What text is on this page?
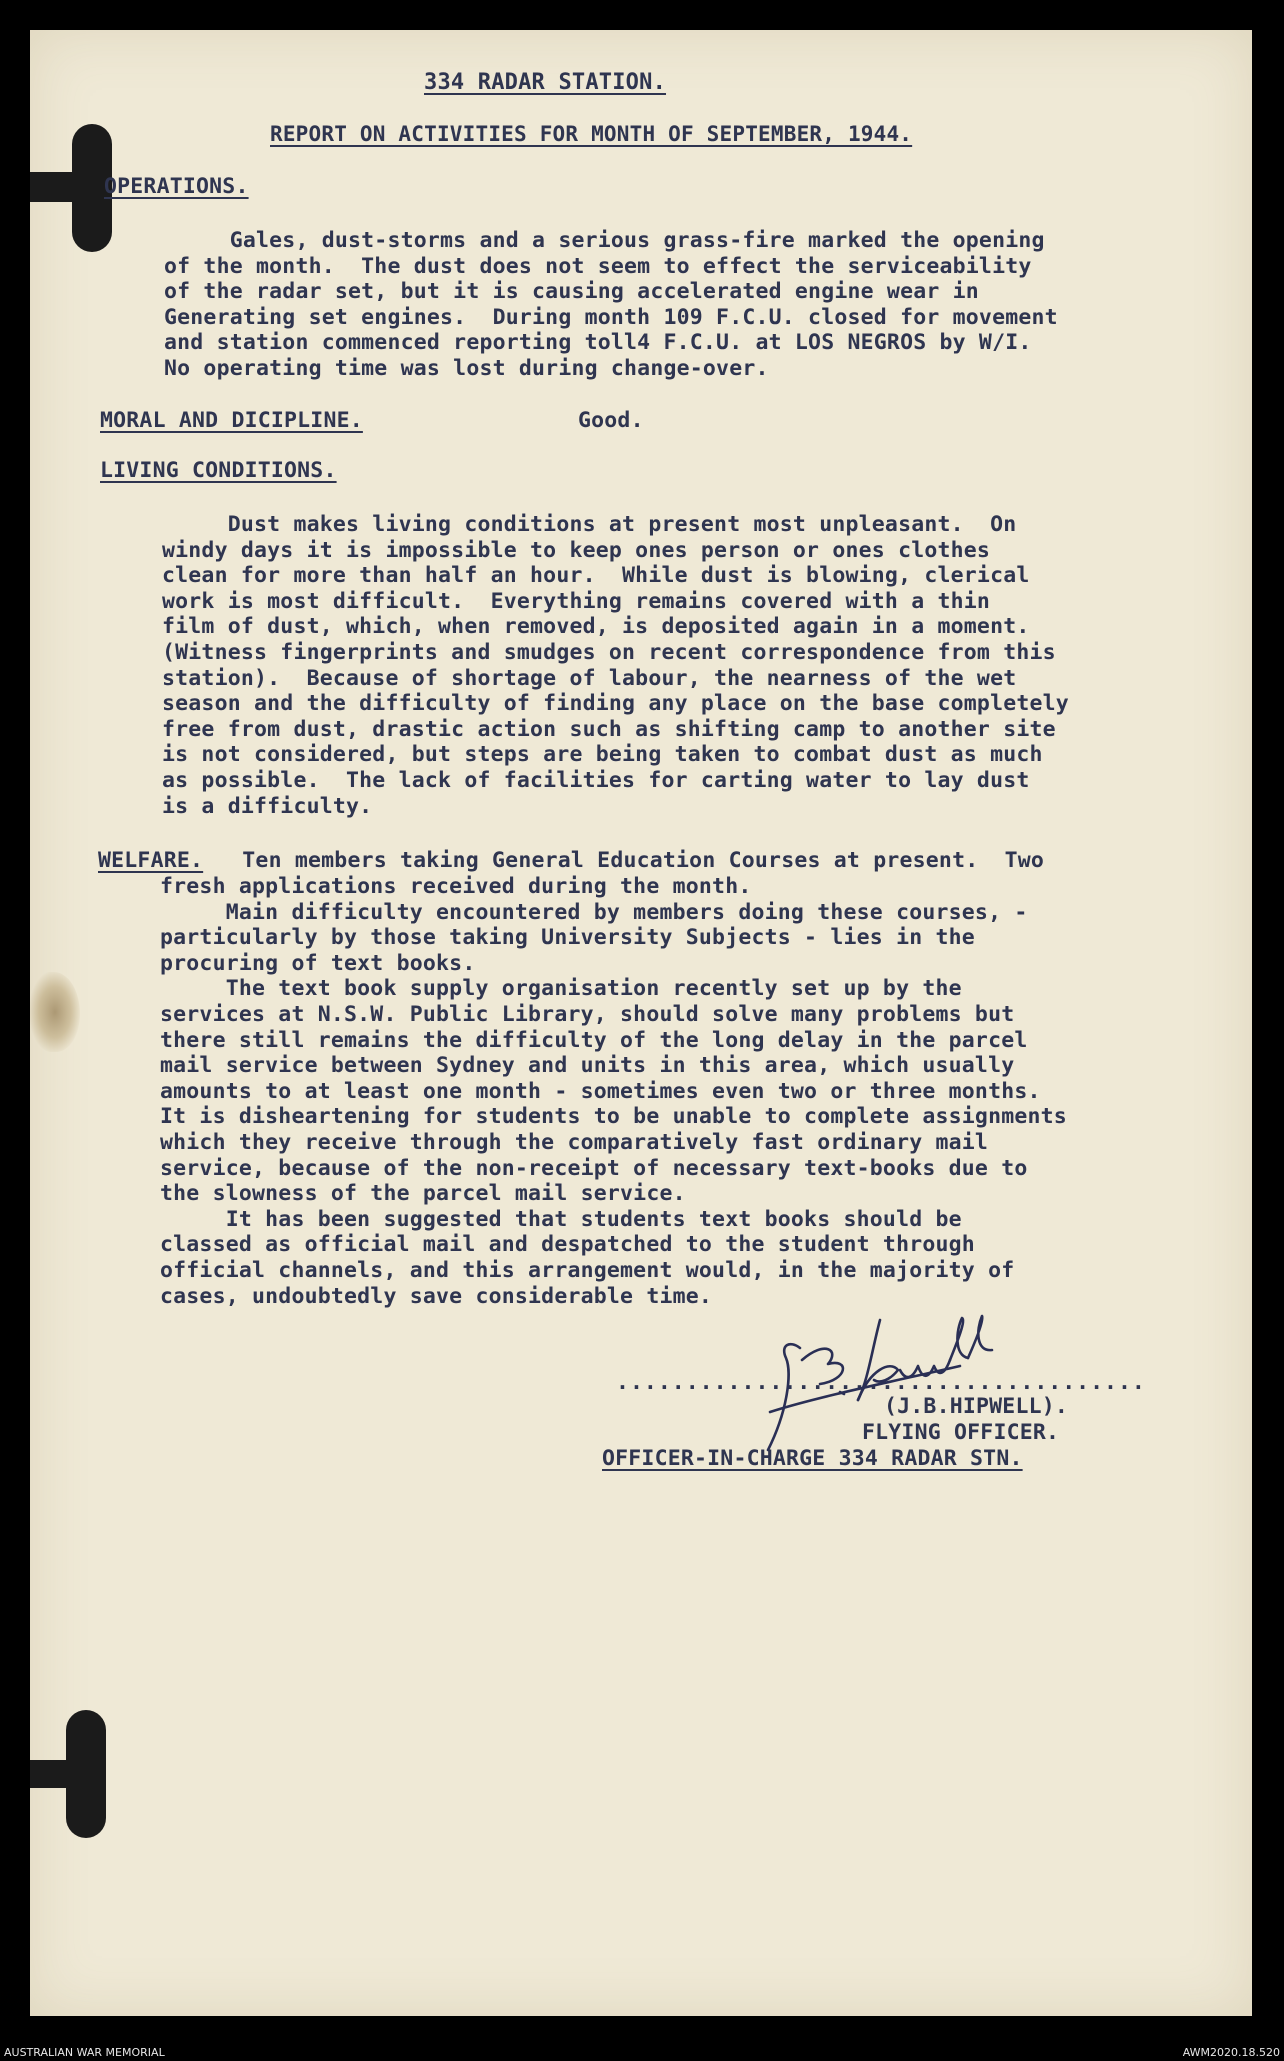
334 RADAR STATION.

REPORT ON ACTIVITIES FOR MONTH OF SEPTEMBER, 1944.

OPERATIONS.

Gales, dust-storms and a serious grass-fire marked the opening

of the month.  The dust does not seem to effect the serviceability

of the radar set, but it is causing accelerated engine wear in

Generating set engines.  During month 109 F.C.U. closed for movement

and station commenced reporting toll4 F.C.U. at LOS NEGROS by W/I.

No operating time was lost during change-over.

MORAL AND DICIPLINE.	Good.

LIVING CONDITIONS.

Dust makes living conditions at present most unpleasant.  On

windy days it is impossible to keep ones person or ones clothes

clean for more than half an hour.  While dust is blowing, clerical

work is most difficult.  Everything remains covered with a thin

film of dust, which, when removed, is deposited again in a moment.

(Witness fingerprints and smudges on recent correspondence from this

station).  Because of shortage of labour, the nearness of the wet

season and the difficulty of finding any place on the base completely

free from dust, drastic action such as shifting camp to another site

is not considered, but steps are being taken to combat dust as much

as possible.  The lack of facilities for carting water to lay dust

is a difficulty.

WELFARE. Ten members taking General Education Courses at present.  Two

fresh applications received during the month.

Main difficulty encountered by members doing these courses, -

particularly by those taking University Subjects - lies in the

procuring of text books.

The text book supply organisation recently set up by the

services at N.S.W. Public Library, should solve many problems but

there still remains the difficulty of the long delay in the parcel

mail service between Sydney and units in this area, which usually

amounts to at least one month - sometimes even two or three months.

It is disheartening for students to be unable to complete assignments

which they receive through the comparatively fast ordinary mail

service, because of the non-receipt of necessary text-books due to

the slowness of the parcel mail service.

It has been suggested that students text books should be

classed as official mail and despatched to the student through

official channels, and this arrangement would, in the majority of

cases, undoubtedly save considerable time.

......................................

(J.B.HIPWELL).

FLYING OFFICER.

OFFICER-IN-CHARGE 334 RADAR STN.

AUSTRALIAN WAR MEMORIAL	AWM2020.18.520
